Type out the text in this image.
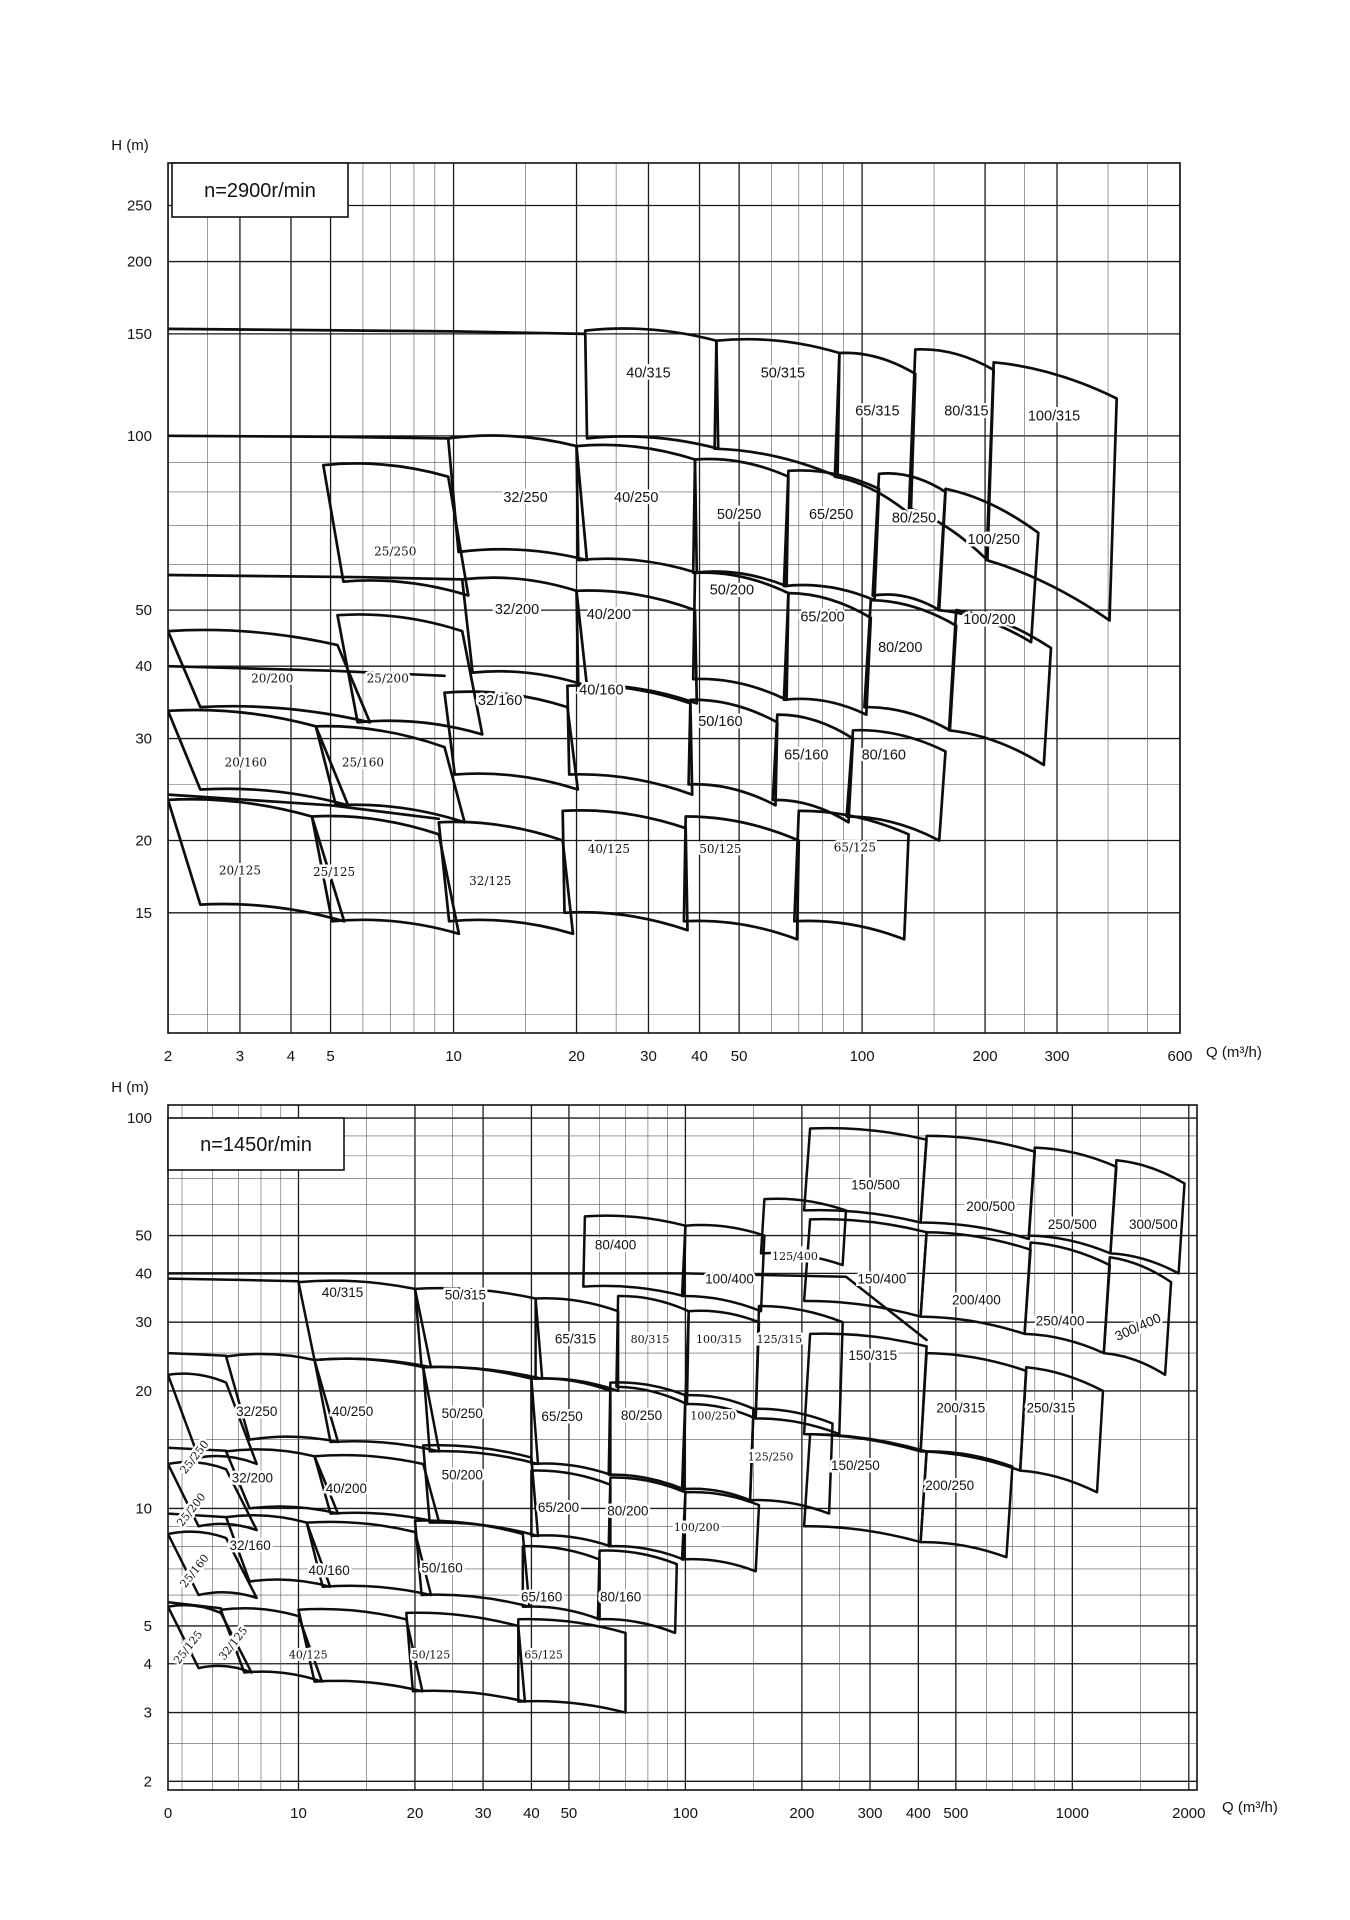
40/315	50/315
65/315	80/315	100/315
25/250
32/250	40/250
50/250	65/250	80/250
100/250
20/200	25/200
32/200	40/200
50/200
65/200
80/200
100/200
20/160	25/160
32/160
40/160
50/160
65/160 80/160
20/125	25/125
32/125
40/125	50/125	65/125
2	3	4 5	10	20	30 40 50	100	200	300	600
250
200
150
100
50
40
30
20
15
H (m)
Q (m³/h)
n=2900r/min
150/500
200/500
250/500 300/500
80/400
100/400
125/400
150/400
200/400
250/400 300/400
40/315	50/315
65/315	80/315 100/315 125/315
150/315
200/315	250/315
25/250
32/250	40/250	50/250	65/250	80/250	100/250
125/250
150/250
200/250
25/200
32/200
40/200
50/200
65/200 80/200
100/200
25/160
32/160
40/160	50/160
65/160	80/160
25/125 32/125	40/125	50/125	65/125
0	10	20	30 40 50	100	200	300 400 500	1000	2000
100
50
40
30
20
10
5
4
3
2
H (m)
Q (m³/h)
n=1450r/min
